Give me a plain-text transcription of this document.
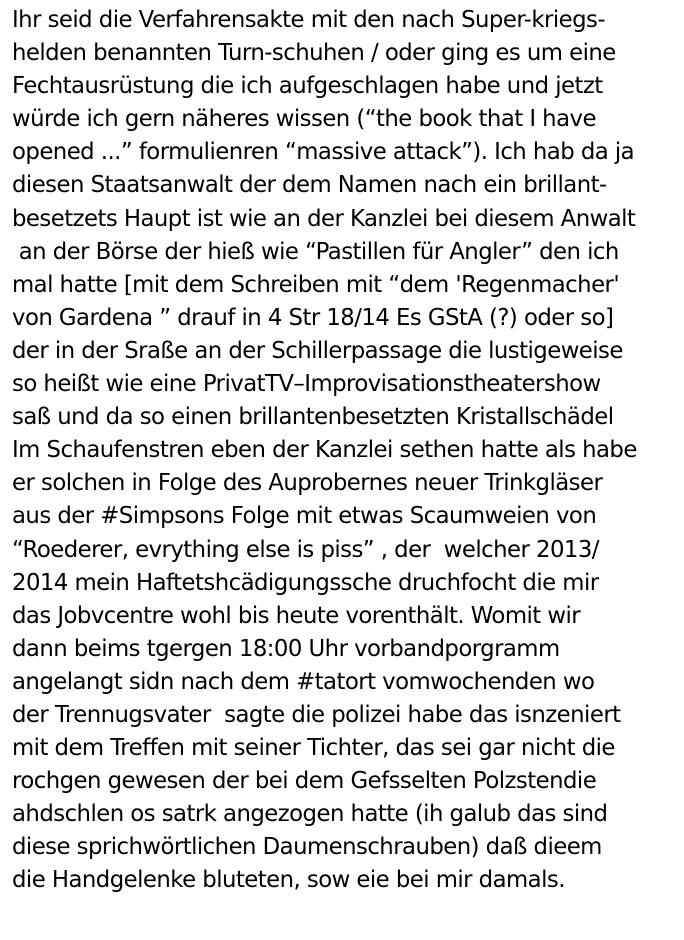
Ihr seid die Verfahrensakte mit den nach Super-kriegs-
helden benannten Turn-schuhen / oder ging es um eine
Fechtausrüstung die ich aufgeschlagen habe und jetzt
würde ich gern näheres wissen (“the book that I have
opened ...” formulienren “massive attack”). Ich hab da ja
diesen Staatsanwalt der dem Namen nach ein brillant-
besetzets Haupt ist wie an der Kanzlei bei diesem Anwalt
an der Börse der hieß wie “Pastillen für Angler” den ich
mal hatte [mit dem Schreiben mit “dem 'Regenmacher'
von Gardena ” drauf in 4 Str 18/14 Es GStA (?) oder so]
der in der Sraße an der Schillerpassage die lustigeweise
so heißt wie eine PrivatTV–Improvisationstheatershow
saß und da so einen brillantenbesetzten Kristallschädel
Im Schaufenstren eben der Kanzlei sethen hatte als habe
er solchen in Folge des Auprobernes neuer Trinkgläser
aus der #Simpsons Folge mit etwas Scaumweien von
“Roederer, evrything else is piss” , der  welcher 2013/
2014 mein Haftetshcädigungssche druchfocht die mir
das Jobvcentre wohl bis heute vorenthält. Womit wir
dann beims tgergen 18:00 Uhr vorbandporgramm
angelangt sidn nach dem #tatort vomwochenden wo
der Trennugsvater  sagte die polizei habe das isnzeniert
mit dem Treffen mit seiner Tichter, das sei gar nicht die
rochgen gewesen der bei dem Gefsselten Polzstendie
ahdschlen os satrk angezogen hatte (ih galub das sind
diese sprichwörtlichen Daumenschrauben) daß dieem
die Handgelenke bluteten, sow eie bei mir damals.
